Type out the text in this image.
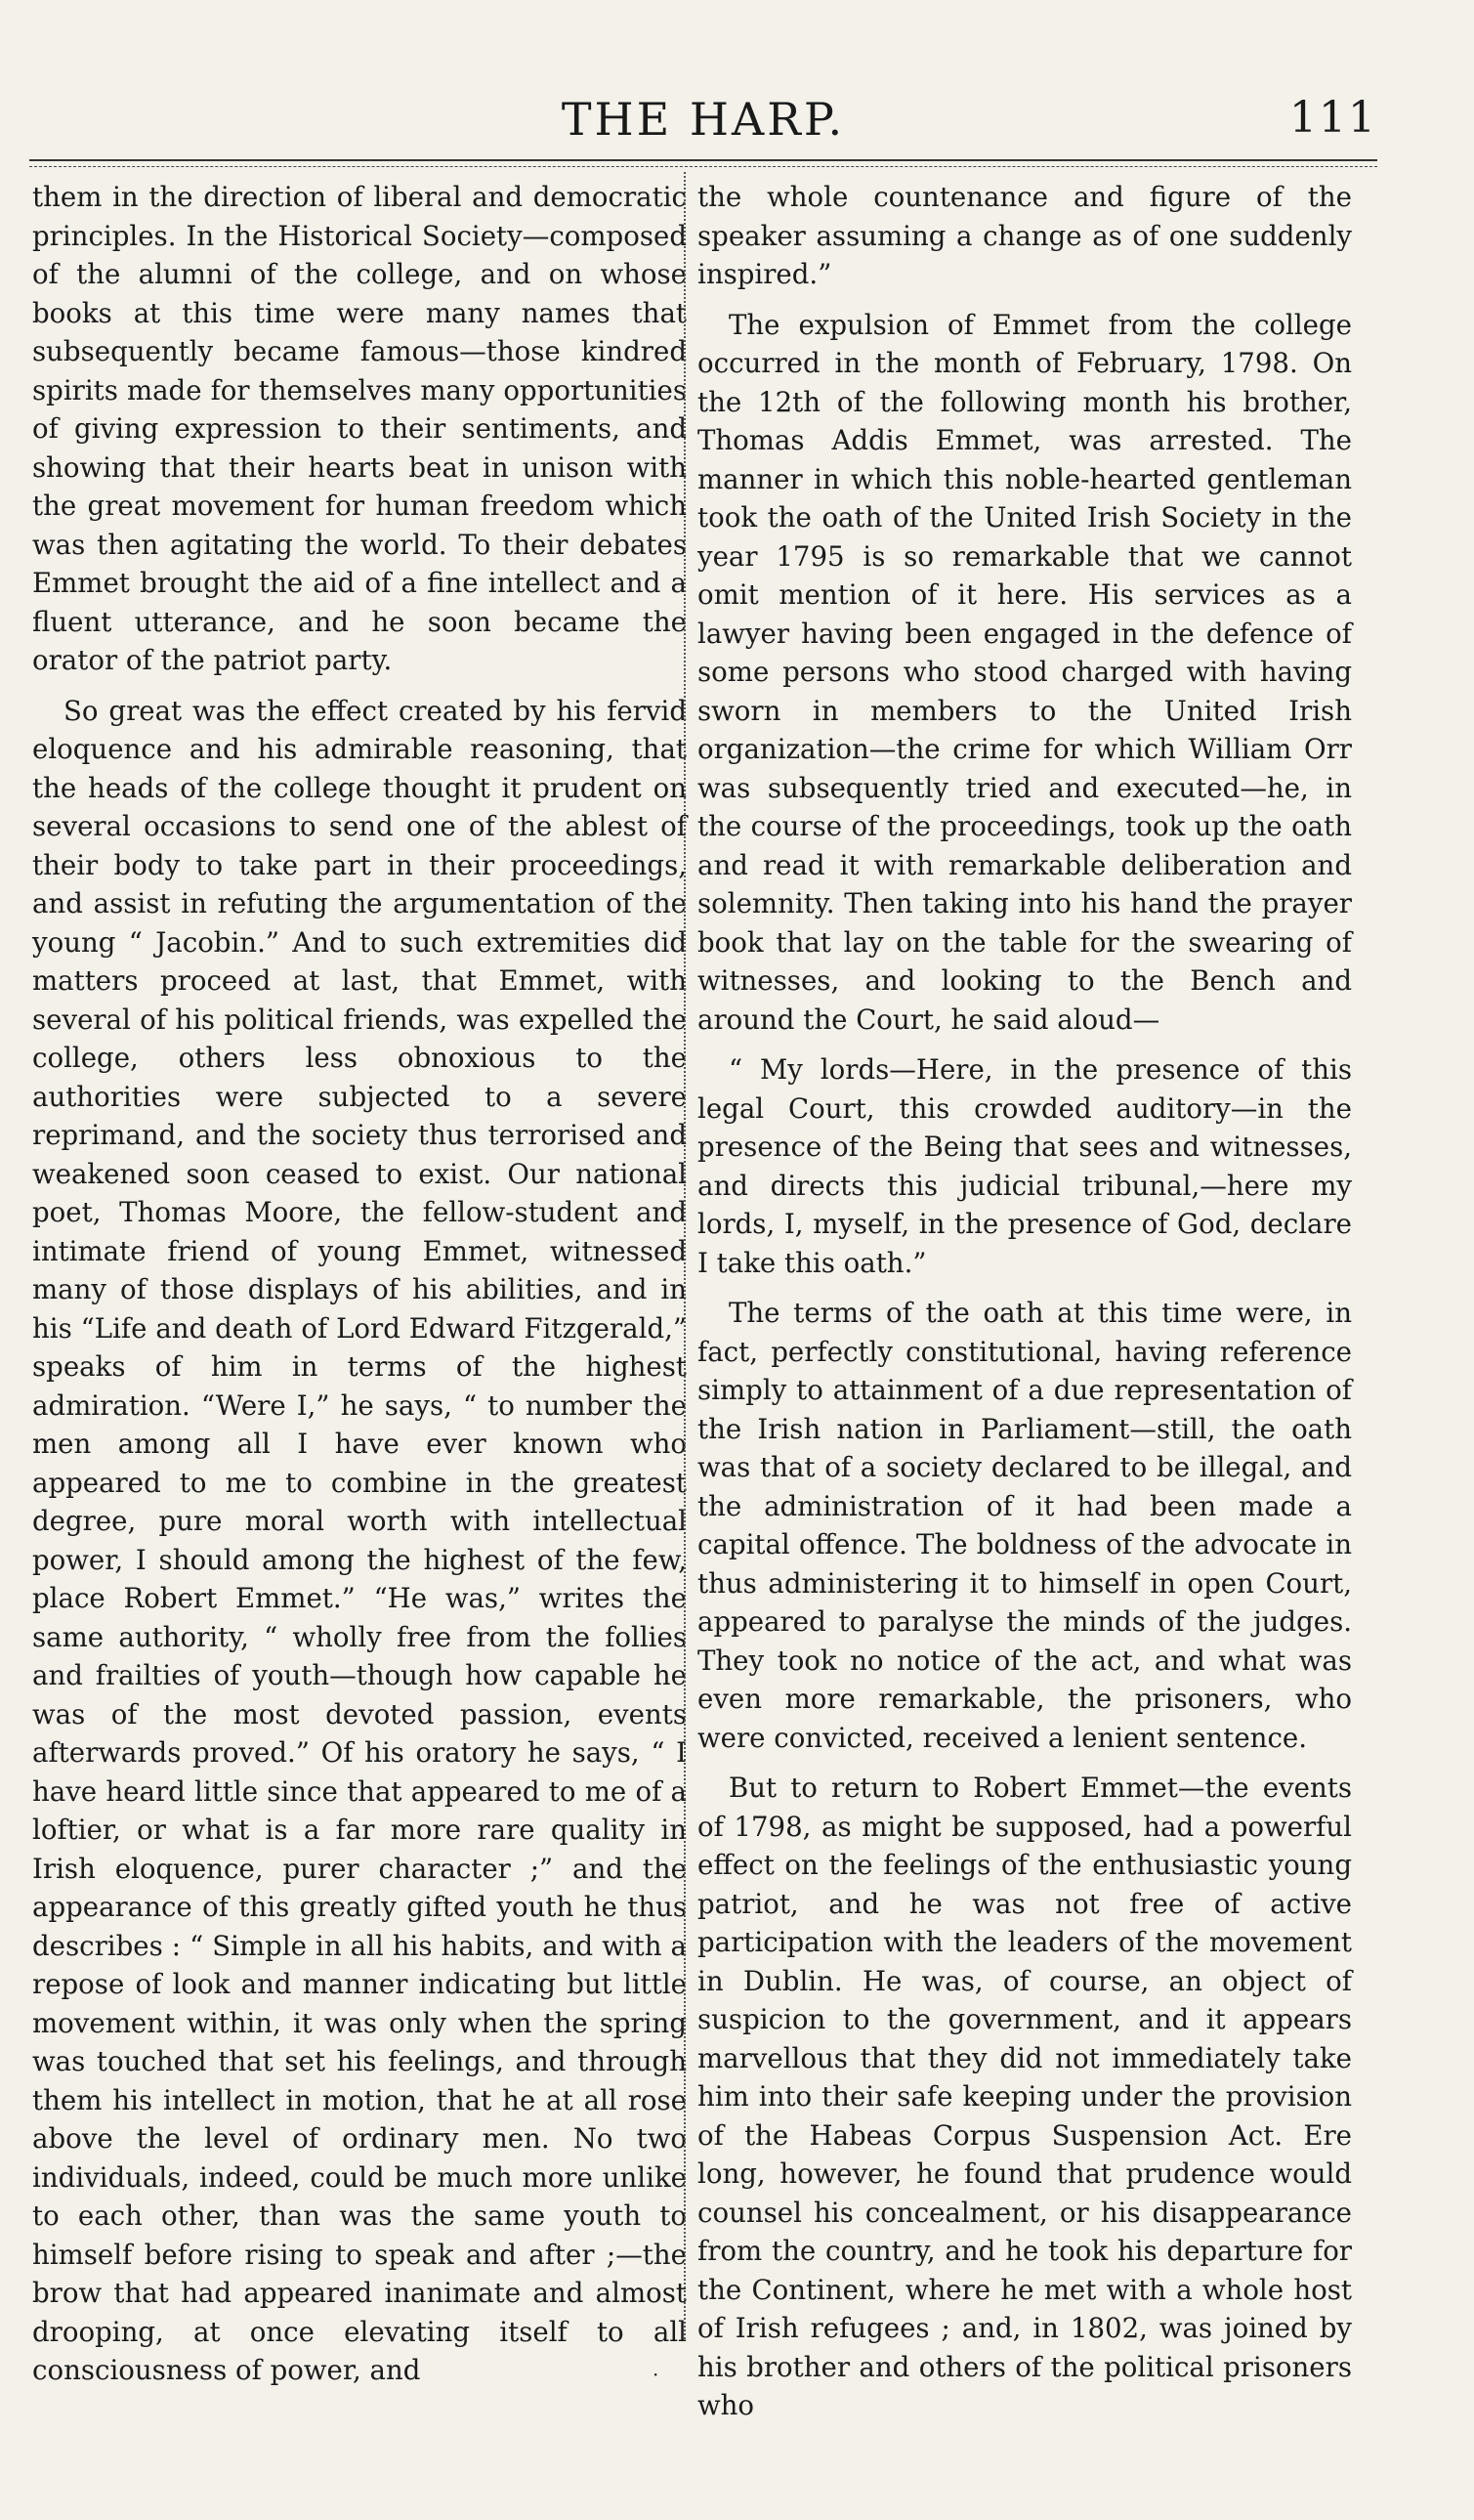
THE HARP.	111

them in the direction of liberal and democratic principles. In the Historical Society—composed of the alumni of the college, and on whose books at this time were many names that subsequently became famous—those kindred spirits made for themselves many opportunities of giving expression to their sentiments, and showing that their hearts beat in unison with the great movement for human freedom which was then agitating the world. To their debates Emmet brought the aid of a fine intellect and a fluent utterance, and he soon became the orator of the patriot party.

So great was the effect created by his fervid eloquence and his admirable reasoning, that the heads of the college thought it prudent on several occasions to send one of the ablest of their body to take part in their proceedings, and assist in refuting the argumentation of the young “ Jacobin.” And to such extremities did matters proceed at last, that Emmet, with several of his political friends, was expelled the college, others less obnoxious to the authorities were subjected to a severe reprimand, and the society thus terrorised and weakened soon ceased to exist. Our national poet, Thomas Moore, the fellow-student and intimate friend of young Emmet, witnessed many of those displays of his abilities, and in his “Life and death of Lord Edward Fitzgerald,” speaks of him in terms of the highest admiration. “Were I,” he says, “ to number the men among all I have ever known who appeared to me to combine in the greatest degree, pure moral worth with intellectual power, I should among the highest of the few, place Robert Emmet.” “He was,” writes the same authority, “ wholly free from the follies and frailties of youth—though how capable he was of the most devoted passion, events afterwards proved.” Of his oratory he says, “ I have heard little since that appeared to me of a loftier, or what is a far more rare quality in Irish eloquence, purer character ;” and the appearance of this greatly gifted youth he thus describes : “ Simple in all his habits, and with a repose of look and manner indicating but little movement within, it was only when the spring was touched that set his feelings, and through them his intellect in motion, that he at all rose above the level of ordinary men. No two individuals, indeed, could be much more unlike to each other, than was the same youth to himself before rising to speak and after ;—the brow that had appeared inanimate and almost drooping, at once elevating itself to all consciousness of power, and

the whole countenance and figure of the speaker assuming a change as of one suddenly inspired.”

The expulsion of Emmet from the college occurred in the month of February, 1798. On the 12th of the following month his brother, Thomas Addis Emmet, was arrested. The manner in which this noble-hearted gentleman took the oath of the United Irish Society in the year 1795 is so remarkable that we cannot omit mention of it here. His services as a lawyer having been engaged in the defence of some persons who stood charged with having sworn in members to the United Irish organization—the crime for which William Orr was subsequently tried and executed—he, in the course of the proceedings, took up the oath and read it with remarkable deliberation and solemnity. Then taking into his hand the prayer book that lay on the table for the swearing of witnesses, and looking to the Bench and around the Court, he said aloud—

“ My lords—Here, in the presence of this legal Court, this crowded auditory—in the presence of the Being that sees and witnesses, and directs this judicial tribunal,—here my lords, I, myself, in the presence of God, declare I take this oath.”

The terms of the oath at this time were, in fact, perfectly constitutional, having reference simply to attainment of a due representation of the Irish nation in Parliament—still, the oath was that of a society declared to be illegal, and the administration of it had been made a capital offence. The boldness of the advocate in thus administering it to himself in open Court, appeared to paralyse the minds of the judges. They took no notice of the act, and what was even more remarkable, the prisoners, who were convicted, received a lenient sentence.

But to return to Robert Emmet—the events of 1798, as might be supposed, had a powerful effect on the feelings of the enthusiastic young patriot, and he was not free of active participation with the leaders of the movement in Dublin. He was, of course, an object of suspicion to the government, and it appears marvellous that they did not immediately take him into their safe keeping under the provision of the Habeas Corpus Suspension Act. Ere long, however, he found that prudence would counsel his concealment, or his disappearance from the country, and he took his departure for the Continent, where he met with a whole host of Irish refugees ; and, in 1802, was joined by his brother and others of the political prisoners who

·
